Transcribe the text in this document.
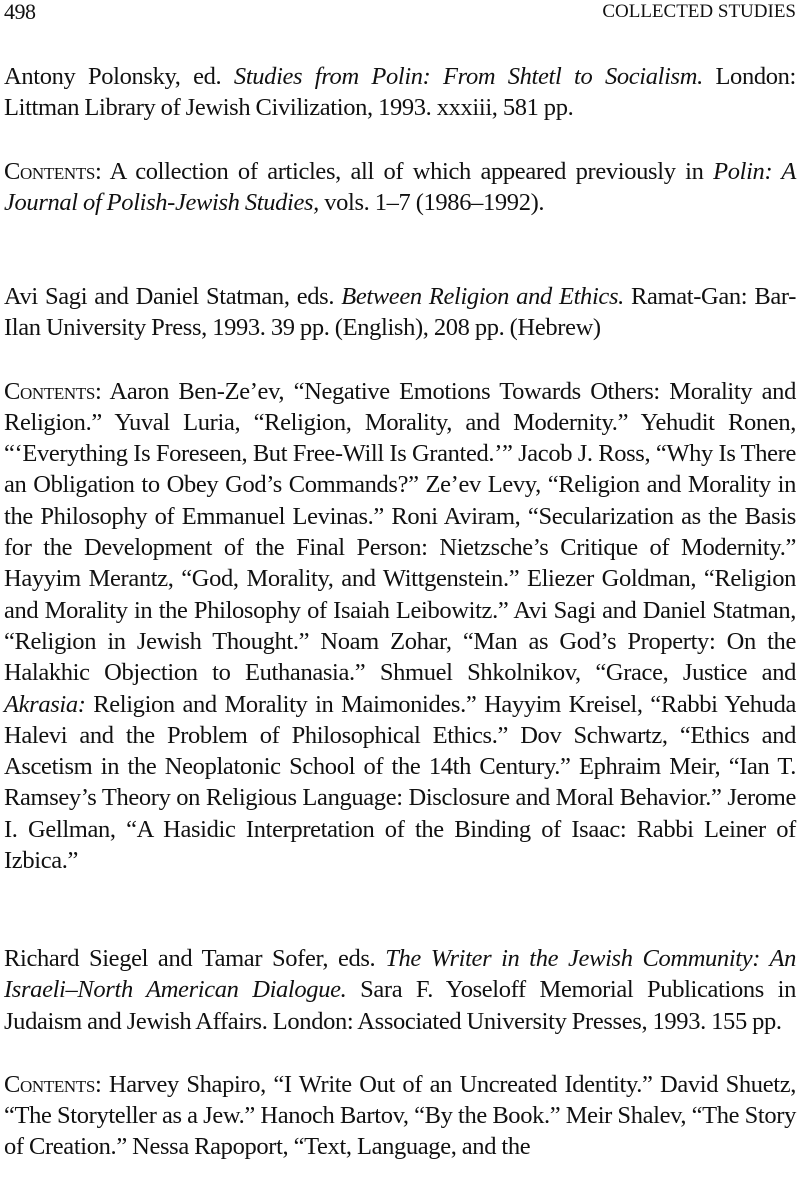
498	COLLECTED STUDIES

Antony Polonsky, ed. Studies from Polin: From Shtetl to Socialism. London: Littman Library of Jewish Civilization, 1993. xxxiii, 581 pp.

Contents: A collection of articles, all of which appeared previously in Polin: A Journal of Polish-Jewish Studies, vols. 1–7 (1986–1992).

Avi Sagi and Daniel Statman, eds. Between Religion and Ethics. Ramat-Gan: Bar-Ilan University Press, 1993. 39 pp. (English), 208 pp. (Hebrew)

Contents: Aaron Ben-Ze’ev, “Negative Emotions Towards Others: Morality and Religion.” Yuval Luria, “Religion, Morality, and Modernity.” Yehudit Ronen, “‘Everything Is Foreseen, But Free-Will Is Granted.’” Jacob J. Ross, “Why Is There an Obligation to Obey God’s Commands?” Ze’ev Levy, “Religion and Morality in the Philosophy of Emmanuel Levinas.” Roni Aviram, “Secularization as the Basis for the Development of the Final Person: Nietzsche’s Critique of Modernity.” Hayyim Merantz, “God, Morality, and Wittgenstein.” Eliezer Goldman, “Religion and Morality in the Philosophy of Isaiah Leibowitz.” Avi Sagi and Daniel Statman, “Religion in Jewish Thought.” Noam Zohar, “Man as God’s Property: On the Halakhic Objection to Euthanasia.” Shmuel Shkolnikov, “Grace, Justice and Akrasia: Religion and Morality in Maimonides.” Hayyim Kreisel, “Rabbi Yehuda Halevi and the Problem of Philosophical Ethics.” Dov Schwartz, “Ethics and Ascetism in the Neoplatonic School of the 14th Century.” Ephraim Meir, “Ian T. Ramsey’s Theory on Religious Language: Disclosure and Moral Behavior.” Jerome I. Gellman, “A Hasidic Interpretation of the Binding of Isaac: Rabbi Leiner of Izbica.”

Richard Siegel and Tamar Sofer, eds. The Writer in the Jewish Community: An Israeli–North American Dialogue. Sara F. Yoseloff Memorial Publications in Judaism and Jewish Affairs. London: Associated University Presses, 1993. 155 pp.

Contents: Harvey Shapiro, “I Write Out of an Uncreated Identity.” David Shuetz, “The Storyteller as a Jew.” Hanoch Bartov, “By the Book.” Meir Shalev, “The Story of Creation.” Nessa Rapoport, “Text, Language, and the
